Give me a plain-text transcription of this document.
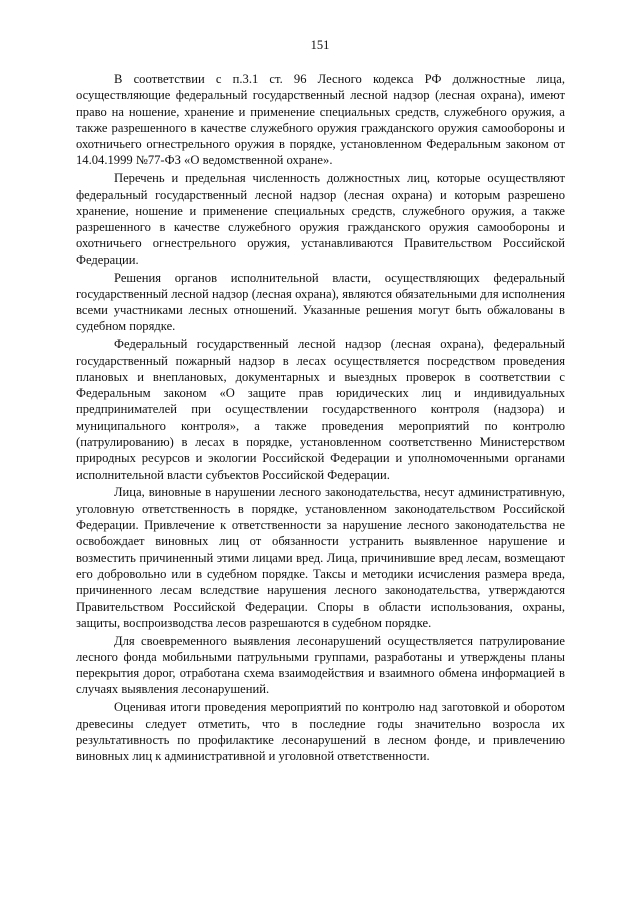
151

В соответствии с п.3.1 ст. 96 Лесного кодекса РФ должностные лица, осуществляющие федеральный государственный лесной надзор (лесная охрана), имеют право на ношение, хранение и применение специальных средств, служебного оружия, а также разрешенного в качестве служебного оружия гражданского оружия самообороны и охотничьего огнестрельного оружия в порядке, установленном Федеральным законом от 14.04.1999 №77-ФЗ «О ведомственной охране».

Перечень и предельная численность должностных лиц, которые осуществляют федеральный государственный лесной надзор (лесная охрана) и которым разрешено хранение, ношение и применение специальных средств, служебного оружия, а также разрешенного в качестве служебного оружия гражданского оружия самообороны и охотничьего огнестрельного оружия, устанавливаются Правительством Российской Федерации.

Решения органов исполнительной власти, осуществляющих федеральный государственный лесной надзор (лесная охрана), являются обязательными для исполнения всеми участниками лесных отношений. Указанные решения могут быть обжалованы в судебном порядке.

Федеральный государственный лесной надзор (лесная охрана), федеральный государственный пожарный надзор в лесах осуществляется посредством проведения плановых и внеплановых, документарных и выездных проверок в соответствии с Федеральным законом «О защите прав юридических лиц и индивидуальных предпринимателей при осуществлении государственного контроля (надзора) и муниципального контроля», а также проведения мероприятий по контролю (патрулированию) в лесах в порядке, установленном соответственно Министерством природных ресурсов и экологии Российской Федерации и уполномоченными органами исполнительной власти субъектов Российской Федерации.

Лица, виновные в нарушении лесного законодательства, несут административную, уголовную ответственность в порядке, установленном законодательством Российской Федерации. Привлечение к ответственности за нарушение лесного законодательства не освобождает виновных лиц от обязанности устранить выявленное нарушение и возместить причиненный этими лицами вред. Лица, причинившие вред лесам, возмещают его добровольно или в судебном порядке. Таксы и методики исчисления размера вреда, причиненного лесам вследствие нарушения лесного законодательства, утверждаются Правительством Российской Федерации. Споры в области использования, охраны, защиты, воспроизводства лесов разрешаются в судебном порядке.

Для своевременного выявления лесонарушений осуществляется патрулирование лесного фонда мобильными патрульными группами, разработаны и утверждены планы перекрытия дорог, отработана схема взаимодействия и взаимного обмена информацией в случаях выявления лесонарушений.

Оценивая итоги проведения мероприятий по контролю над заготовкой и оборотом древесины следует отметить, что в последние годы значительно возросла их результативность по профилактике лесонарушений в лесном фонде, и привлечению виновных лиц к административной и уголовной ответственности.
